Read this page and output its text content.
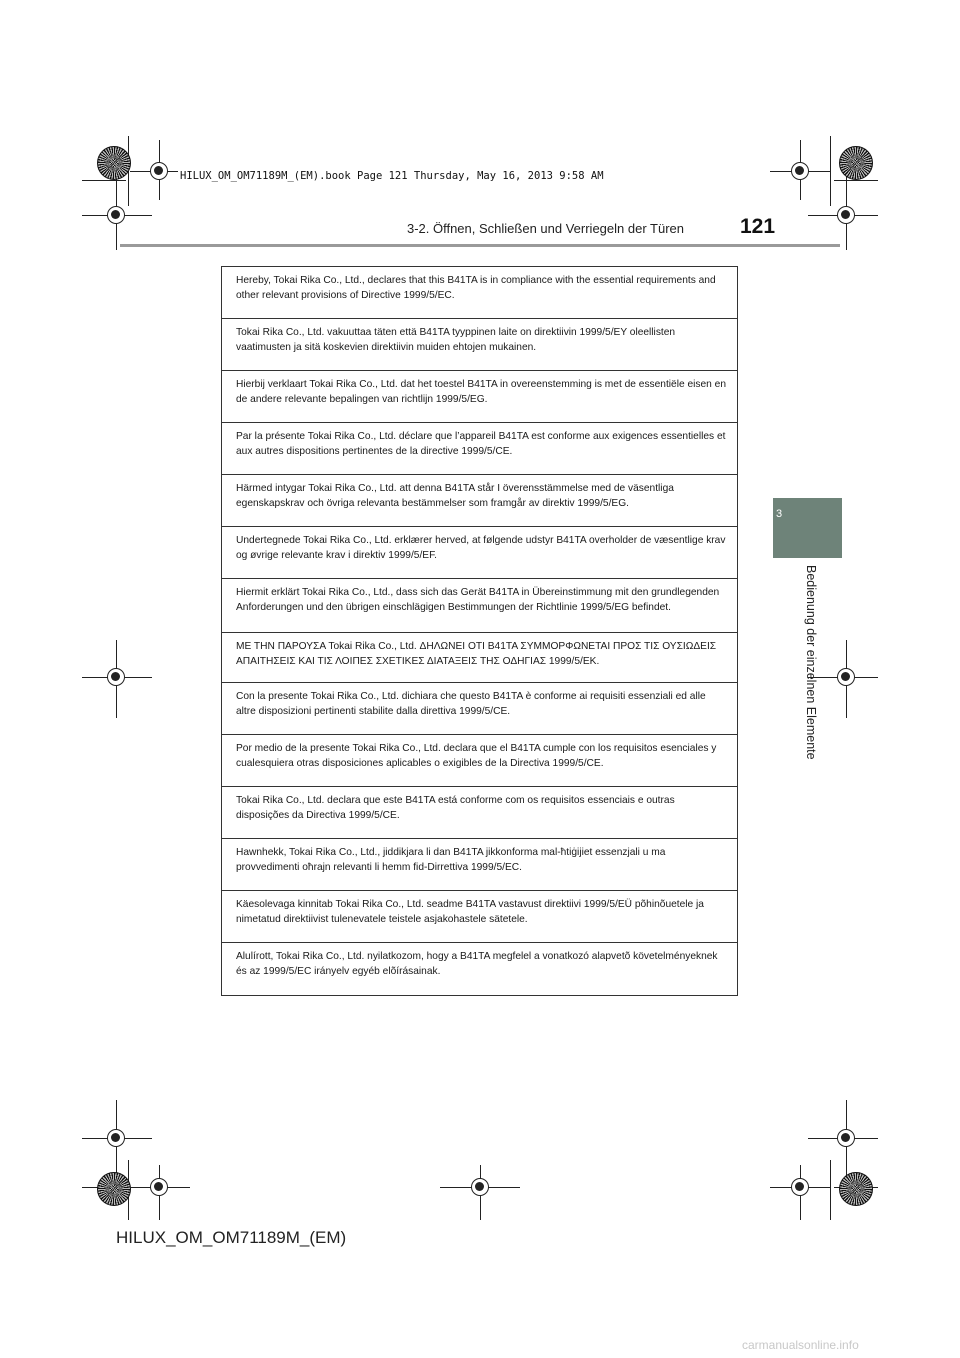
HILUX_OM_OM71189M_(EM).book Page 121 Thursday, May 16, 2013 9:58 AM
3-2. Öffnen, Schließen und Verriegeln der Türen	121
3
Bedienung der einzelnen Elemente

Hereby, Tokai Rika Co., Ltd., declares that this B41TA is in compliance with the essential requirements and other relevant provisions of Directive 1999/5/EC.

Tokai Rika Co., Ltd. vakuuttaa täten että B41TA tyyppinen laite on direktiivin 1999/5/EY oleellisten vaatimusten ja sitä koskevien direktiivin muiden ehtojen mukainen.

Hierbij verklaart Tokai Rika Co., Ltd. dat het toestel B41TA in overeenstemming is met de essentiële eisen en de andere relevante bepalingen van richtlijn 1999/5/EG.

Par la présente Tokai Rika Co., Ltd. déclare que l’appareil B41TA est conforme aux exigences essentielles et aux autres dispositions pertinentes de la directive 1999/5/CE.

Härmed intygar Tokai Rika Co., Ltd. att denna B41TA står I överensstämmelse med de väsentliga egenskapskrav och övriga relevanta bestämmelser som framgår av direktiv 1999/5/EG.

Undertegnede Tokai Rika Co., Ltd. erklærer herved, at følgende udstyr B41TA overholder de væsentlige krav og øvrige relevante krav i direktiv 1999/5/EF.

Hiermit erklärt Tokai Rika Co., Ltd., dass sich das Gerät B41TA in Übereinstimmung mit den grundlegenden Anforderungen und den übrigen einschlägigen Bestimmungen der Richtlinie 1999/5/EG befindet.

ΜΕ ΤΗΝ ΠΑΡΟΥΣΑ Tokai Rika Co., Ltd. ΔΗΛΩΝΕΙ ΟΤΙ B41TA ΣΥΜΜΟΡΦΩΝΕΤΑΙ ΠΡΟΣ ΤΙΣ ΟΥΣΙΩΔΕΙΣ ΑΠΑΙΤΗΣΕΙΣ ΚΑΙ ΤΙΣ ΛΟΙΠΕΣ ΣΧΕΤΙΚΕΣ ΔΙΑΤΑΞΕΙΣ ΤΗΣ ΟΔΗΓΙΑΣ 1999/5/ΕΚ.

Con la presente Tokai Rika Co., Ltd. dichiara che questo B41TA è conforme ai requisiti essenziali ed alle altre disposizioni pertinenti stabilite dalla direttiva 1999/5/CE.

Por medio de la presente Tokai Rika Co., Ltd. declara que el B41TA cumple con los requisitos esenciales y cualesquiera otras disposiciones aplicables o exigibles de la Directiva 1999/5/CE.

Tokai Rika Co., Ltd. declara que este B41TA está conforme com os requisitos essenciais e outras disposições da Directiva 1999/5/CE.

Hawnhekk, Tokai Rika Co., Ltd., jiddikjara li dan B41TA jikkonforma mal-ħtiġijiet essenzjali u ma provvedimenti oħrajn relevanti li hemm fid-Dirrettiva 1999/5/EC.

Käesolevaga kinnitab Tokai Rika Co., Ltd. seadme B41TA vastavust direktiivi 1999/5/EÜ põhinõuetele ja nimetatud direktiivist tulenevatele teistele asjakohastele sätetele.

Alulírott, Tokai Rika Co., Ltd. nyilatkozom, hogy a B41TA megfelel a vonatkozó alapvetõ követelményeknek és az 1999/5/EC irányelv egyéb elõírásainak.

HILUX_OM_OM71189M_(EM)
carmanualsonline.info
